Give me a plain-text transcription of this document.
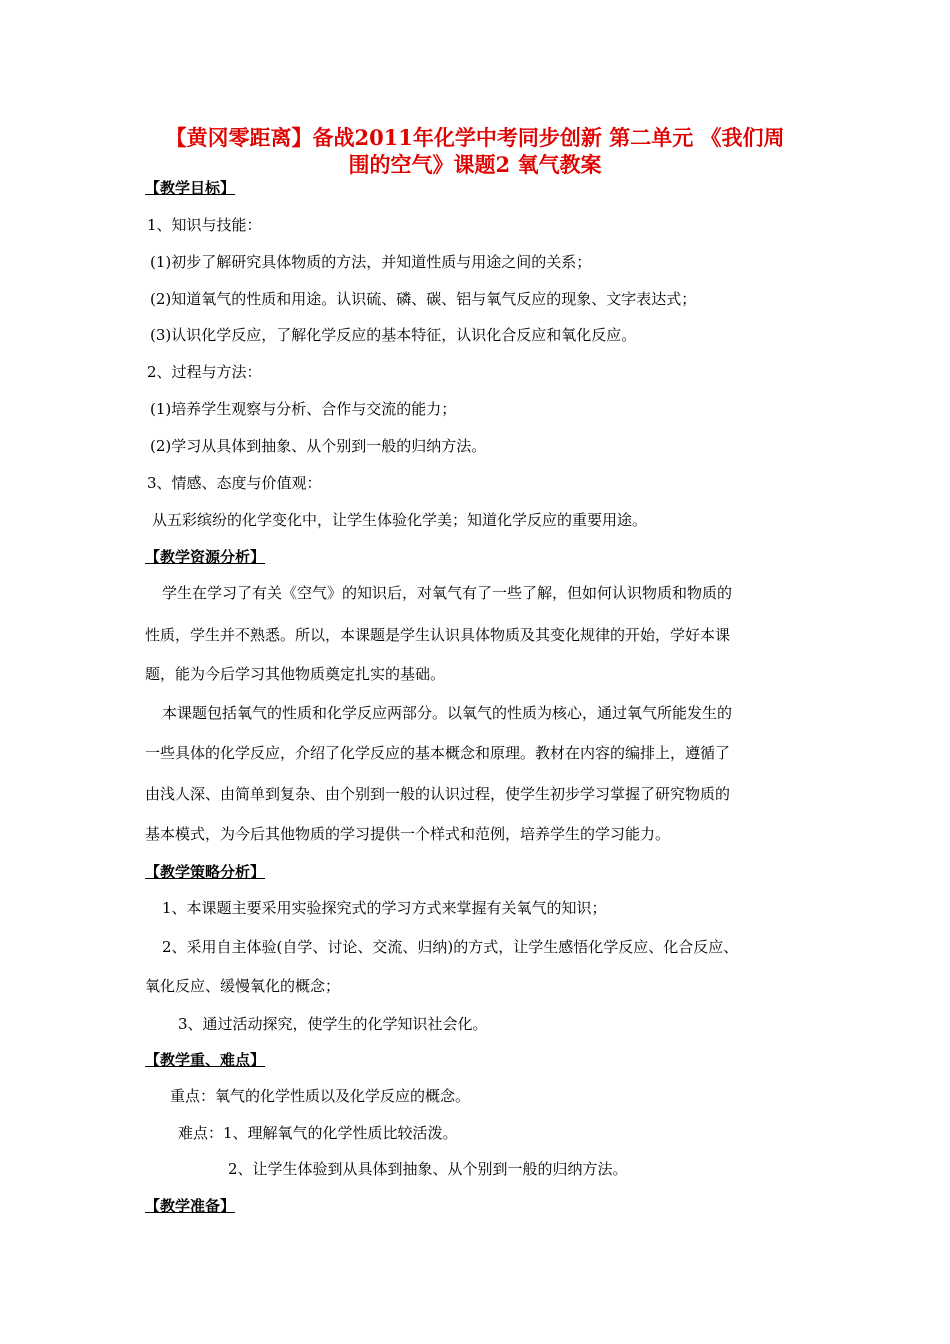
【黄冈零距离】备战2011年化学中考同步创新 第二单元 《我们周
围的空气》课题2 氧气教案
【教学目标】
1、知识与技能：
(1)初步了解研究具体物质的方法，并知道性质与用途之间的关系；
(2)知道氧气的性质和用途。认识硫、磷、碳、铝与氧气反应的现象、文字表达式；
(3)认识化学反应，了解化学反应的基本特征，认识化合反应和氧化反应。
2、过程与方法：
(1)培养学生观察与分析、合作与交流的能力；
(2)学习从具体到抽象、从个别到一般的归纳方法。
3、情感、态度与价值观：
从五彩缤纷的化学变化中，让学生体验化学美；知道化学反应的重要用途。
【教学资源分析】
学生在学习了有关《空气》的知识后，对氧气有了一些了解，但如何认识物质和物质的
性质，学生并不熟悉。所以，本课题是学生认识具体物质及其变化规律的开始，学好本课
题，能为今后学习其他物质奠定扎实的基础。
本课题包括氧气的性质和化学反应两部分。以氧气的性质为核心，通过氧气所能发生的
一些具体的化学反应，介绍了化学反应的基本概念和原理。教材在内容的编排上，遵循了
由浅人深、由简单到复杂、由个别到一般的认识过程，使学生初步学习掌握了研究物质的
基本模式，为今后其他物质的学习提供一个样式和范例，培养学生的学习能力。
【教学策略分析】
1、本课题主要采用实验探究式的学习方式来掌握有关氧气的知识；
2、采用自主体验(自学、讨论、交流、归纳)的方式，让学生感悟化学反应、化合反应、
氧化反应、缓慢氧化的概念；
3、通过活动探究，使学生的化学知识社会化。
【教学重、难点】
重点：氧气的化学性质以及化学反应的概念。
难点：1、理解氧气的化学性质比较活泼。
2、让学生体验到从具体到抽象、从个别到一般的归纳方法。
【教学准备】
